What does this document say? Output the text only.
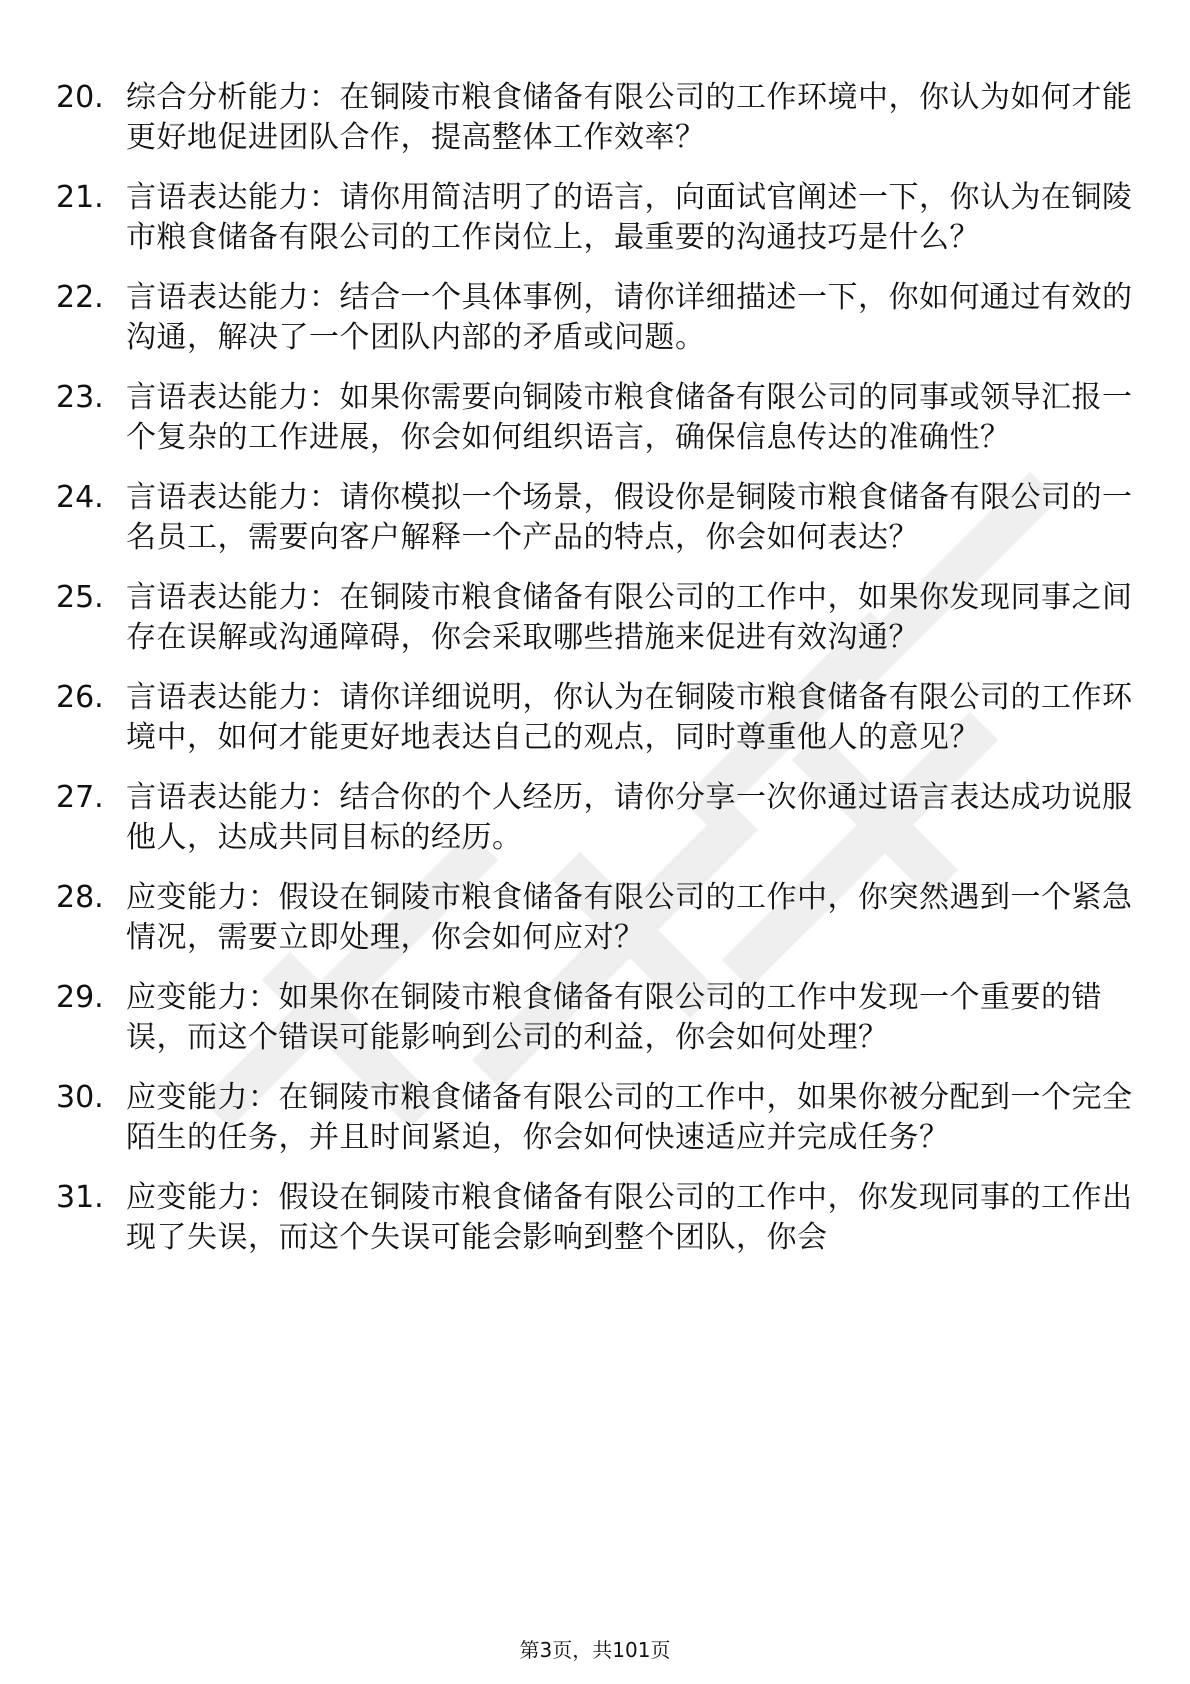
20. 综合分析能力：在铜陵市粮食储备有限公司的工作环境中，你认为如何才能更好地促进团队合作，提高整体工作效率？
21. 言语表达能力：请你用简洁明了的语言，向面试官阐述一下，你认为在铜陵市粮食储备有限公司的工作岗位上，最重要的沟通技巧是什么？
22. 言语表达能力：结合一个具体事例，请你详细描述一下，你如何通过有效的沟通，解决了一个团队内部的矛盾或问题。
23. 言语表达能力：如果你需要向铜陵市粮食储备有限公司的同事或领导汇报一个复杂的工作进展，你会如何组织语言，确保信息传达的准确性？
24. 言语表达能力：请你模拟一个场景，假设你是铜陵市粮食储备有限公司的一名员工，需要向客户解释一个产品的特点，你会如何表达？
25. 言语表达能力：在铜陵市粮食储备有限公司的工作中，如果你发现同事之间存在误解或沟通障碍，你会采取哪些措施来促进有效沟通？
26. 言语表达能力：请你详细说明，你认为在铜陵市粮食储备有限公司的工作环境中，如何才能更好地表达自己的观点，同时尊重他人的意见？
27. 言语表达能力：结合你的个人经历，请你分享一次你通过语言表达成功说服他人，达成共同目标的经历。
28. 应变能力：假设在铜陵市粮食储备有限公司的工作中，你突然遇到一个紧急情况，需要立即处理，你会如何应对？
29. 应变能力：如果你在铜陵市粮食储备有限公司的工作中发现一个重要的错误，而这个错误可能影响到公司的利益，你会如何处理？
30. 应变能力：在铜陵市粮食储备有限公司的工作中，如果你被分配到一个完全陌生的任务，并且时间紧迫，你会如何快速适应并完成任务？
31. 应变能力：假设在铜陵市粮食储备有限公司的工作中，你发现同事的工作出现了失误，而这个失误可能会影响到整个团队，你会
第3页，共101页
